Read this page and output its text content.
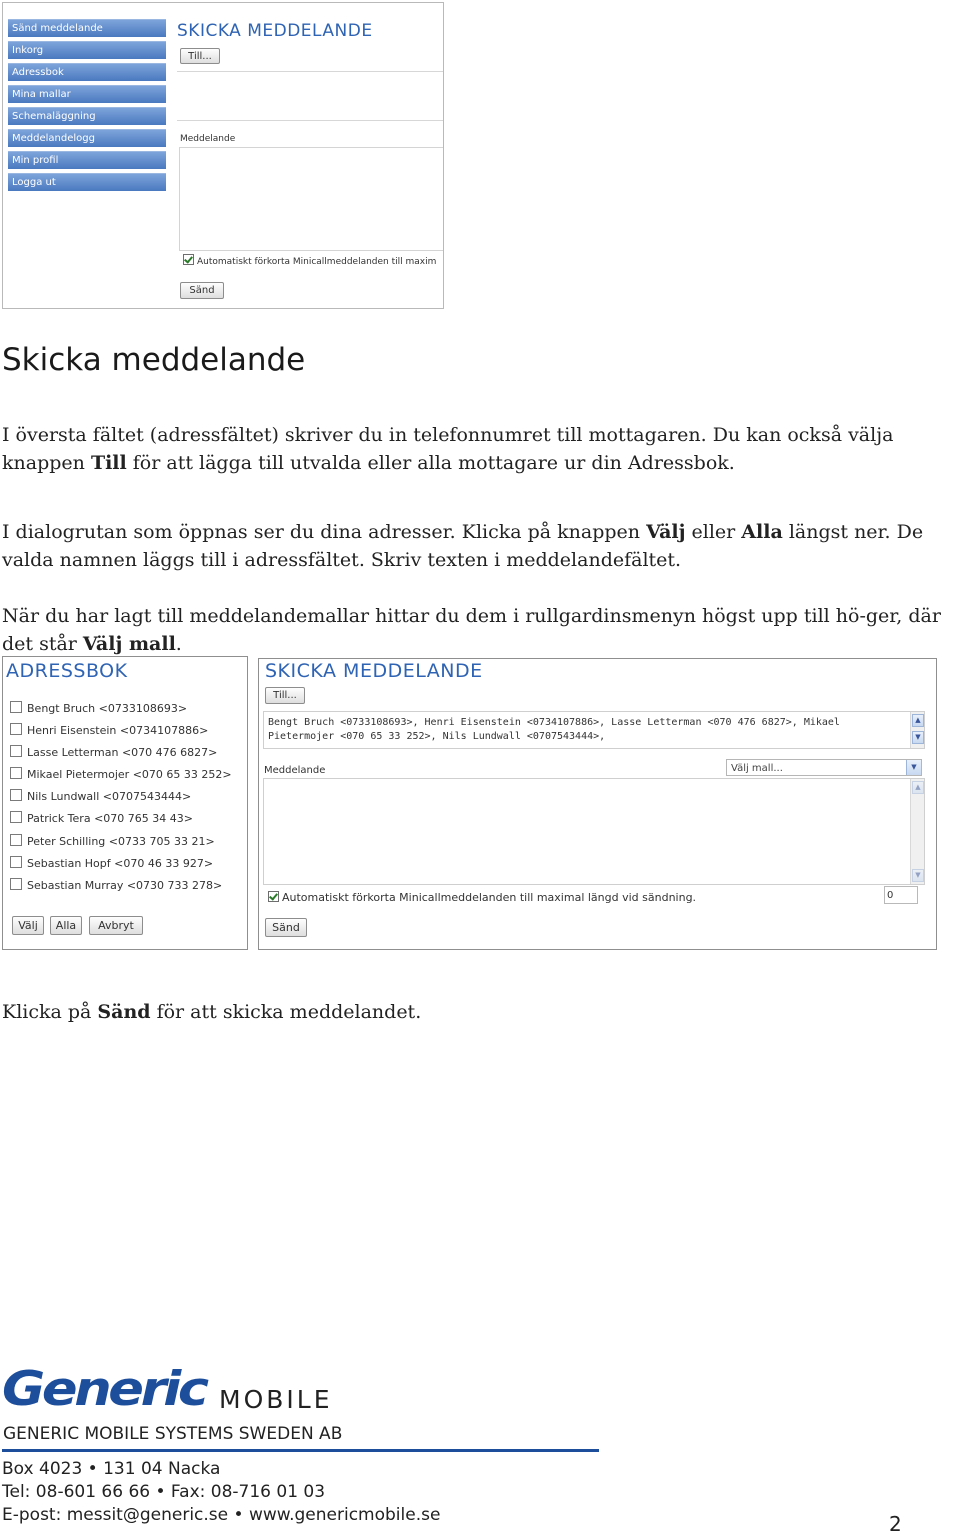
Sänd meddelande
Inkorg
Adressbok
Mina mallar
Schemaläggning
Meddelandelogg
Min profil
Logga ut
SKICKA MEDDELANDE
Till...
Meddelande
Automatiskt förkorta Minicallmeddelanden till maxim
Sänd
Skicka meddelande
I översta fältet (adressfältet) skriver du in telefonnumret till mottagaren. Du kan också välja knappen Till för att lägga till utvalda eller alla mottagare ur din Adressbok.
I dialogrutan som öppnas ser du dina adresser. Klicka på knappen Välj eller Alla längst ner. De valda namnen läggs till i adressfältet. Skriv texten i meddelandefältet.
När du har lagt till meddelandemallar hittar du dem i rullgardinsmenyn högst upp till hö-ger, där det står Välj mall.
ADRESSBOK
Bengt Bruch <0733108693>
Henri Eisenstein <0734107886>
Lasse Letterman <070 476 6827>
Mikael Pietermojer <070 65 33 252>
Nils Lundwall <0707543444>
Patrick Tera <070 765 34 43>
Peter Schilling <0733 705 33 21>
Sebastian Hopf <070 46 33 927>
Sebastian Murray <0730 733 278>
Välj	Alla	Avbryt
SKICKA MEDDELANDE
Till...
Bengt Bruch <0733108693>, Henri Eisenstein <0734107886>, Lasse Letterman <070 476 6827>, Mikael Pietermojer <070 65 33 252>, Nils Lundwall <0707543444>,
▲
▼
Meddelande	Välj mall...	▼
▲
▼
Automatiskt förkorta Minicallmeddelanden till maximal längd vid sändning.	0
Sänd
Klicka på Sänd för att skicka meddelandet.
Generic MOBILE
GENERIC MOBILE SYSTEMS SWEDEN AB
Box 4023 • 131 04 Nacka
Tel: 08-601 66 66 • Fax: 08-716 01 03
E-post: messit@generic.se • www.genericmobile.se	2
